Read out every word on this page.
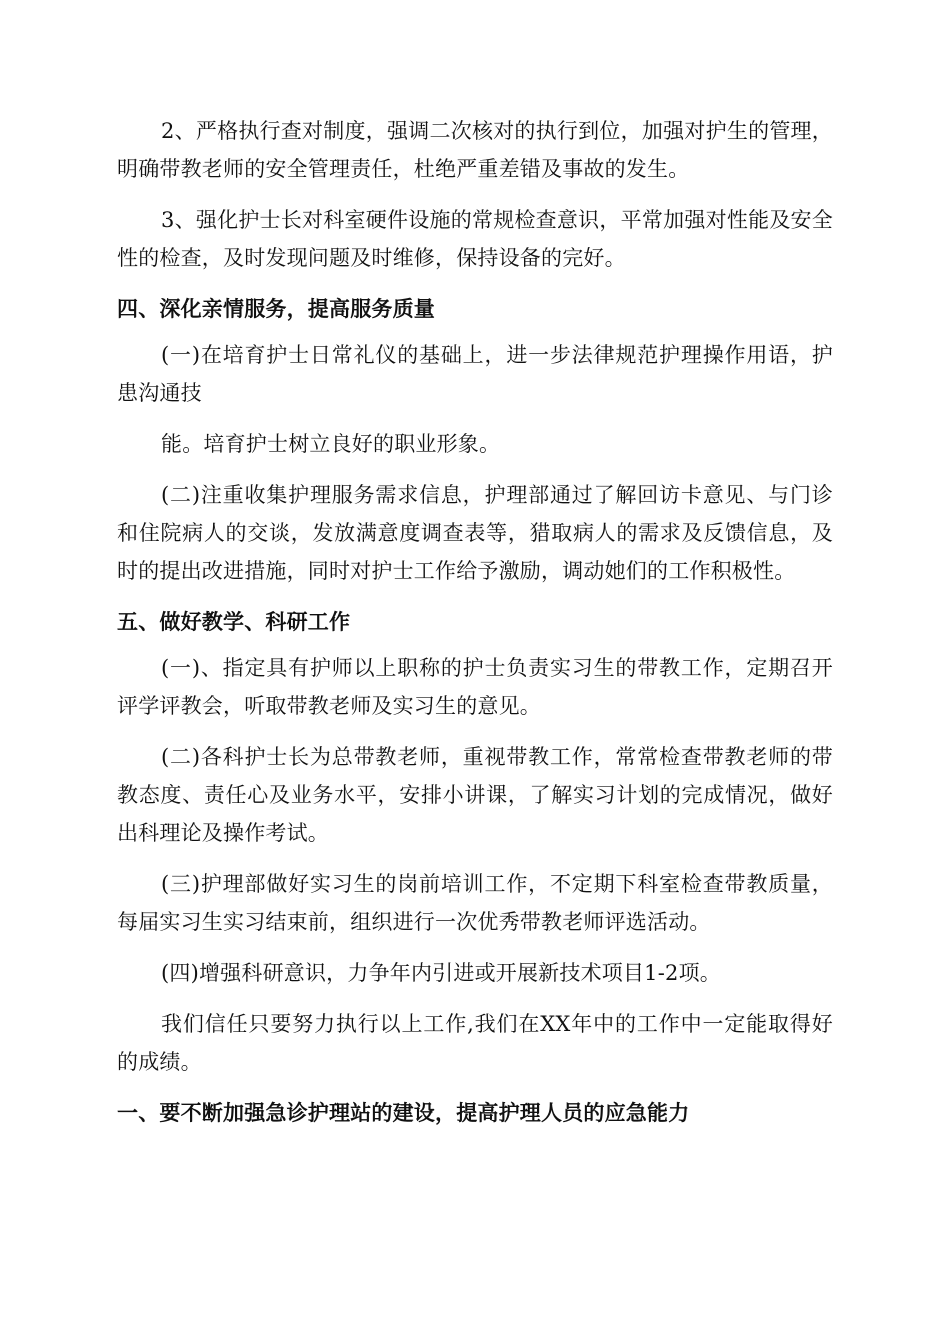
2、严格执行查对制度，强调二次核对的执行到位，加强对护生的管理，明确带教老师的安全管理责任，杜绝严重差错及事故的发生。

3、强化护士长对科室硬件设施的常规检查意识，平常加强对性能及安全性的检查，及时发现问题及时维修，保持设备的完好。

四、深化亲情服务，提高服务质量

(一)在培育护士日常礼仪的基础上，进一步法律规范护理操作用语，护患沟通技

能。培育护士树立良好的职业形象。

(二)注重收集护理服务需求信息，护理部通过了解回访卡意见、与门诊和住院病人的交谈，发放满意度调查表等，猎取病人的需求及反馈信息，及时的提出改进措施，同时对护士工作给予激励，调动她们的工作积极性。

五、做好教学、科研工作

(一)、指定具有护师以上职称的护士负责实习生的带教工作，定期召开评学评教会，听取带教老师及实习生的意见。

(二)各科护士长为总带教老师，重视带教工作，常常检查带教老师的带教态度、责任心及业务水平，安排小讲课，了解实习计划的完成情况，做好出科理论及操作考试。

(三)护理部做好实习生的岗前培训工作，不定期下科室检查带教质量，每届实习生实习结束前，组织进行一次优秀带教老师评选活动。

(四)增强科研意识，力争年内引进或开展新技术项目1-2项。

我们信任只要努力执行以上工作,我们在XX年中的工作中一定能取得好的成绩。

一、要不断加强急诊护理站的建设，提高护理人员的应急能力
